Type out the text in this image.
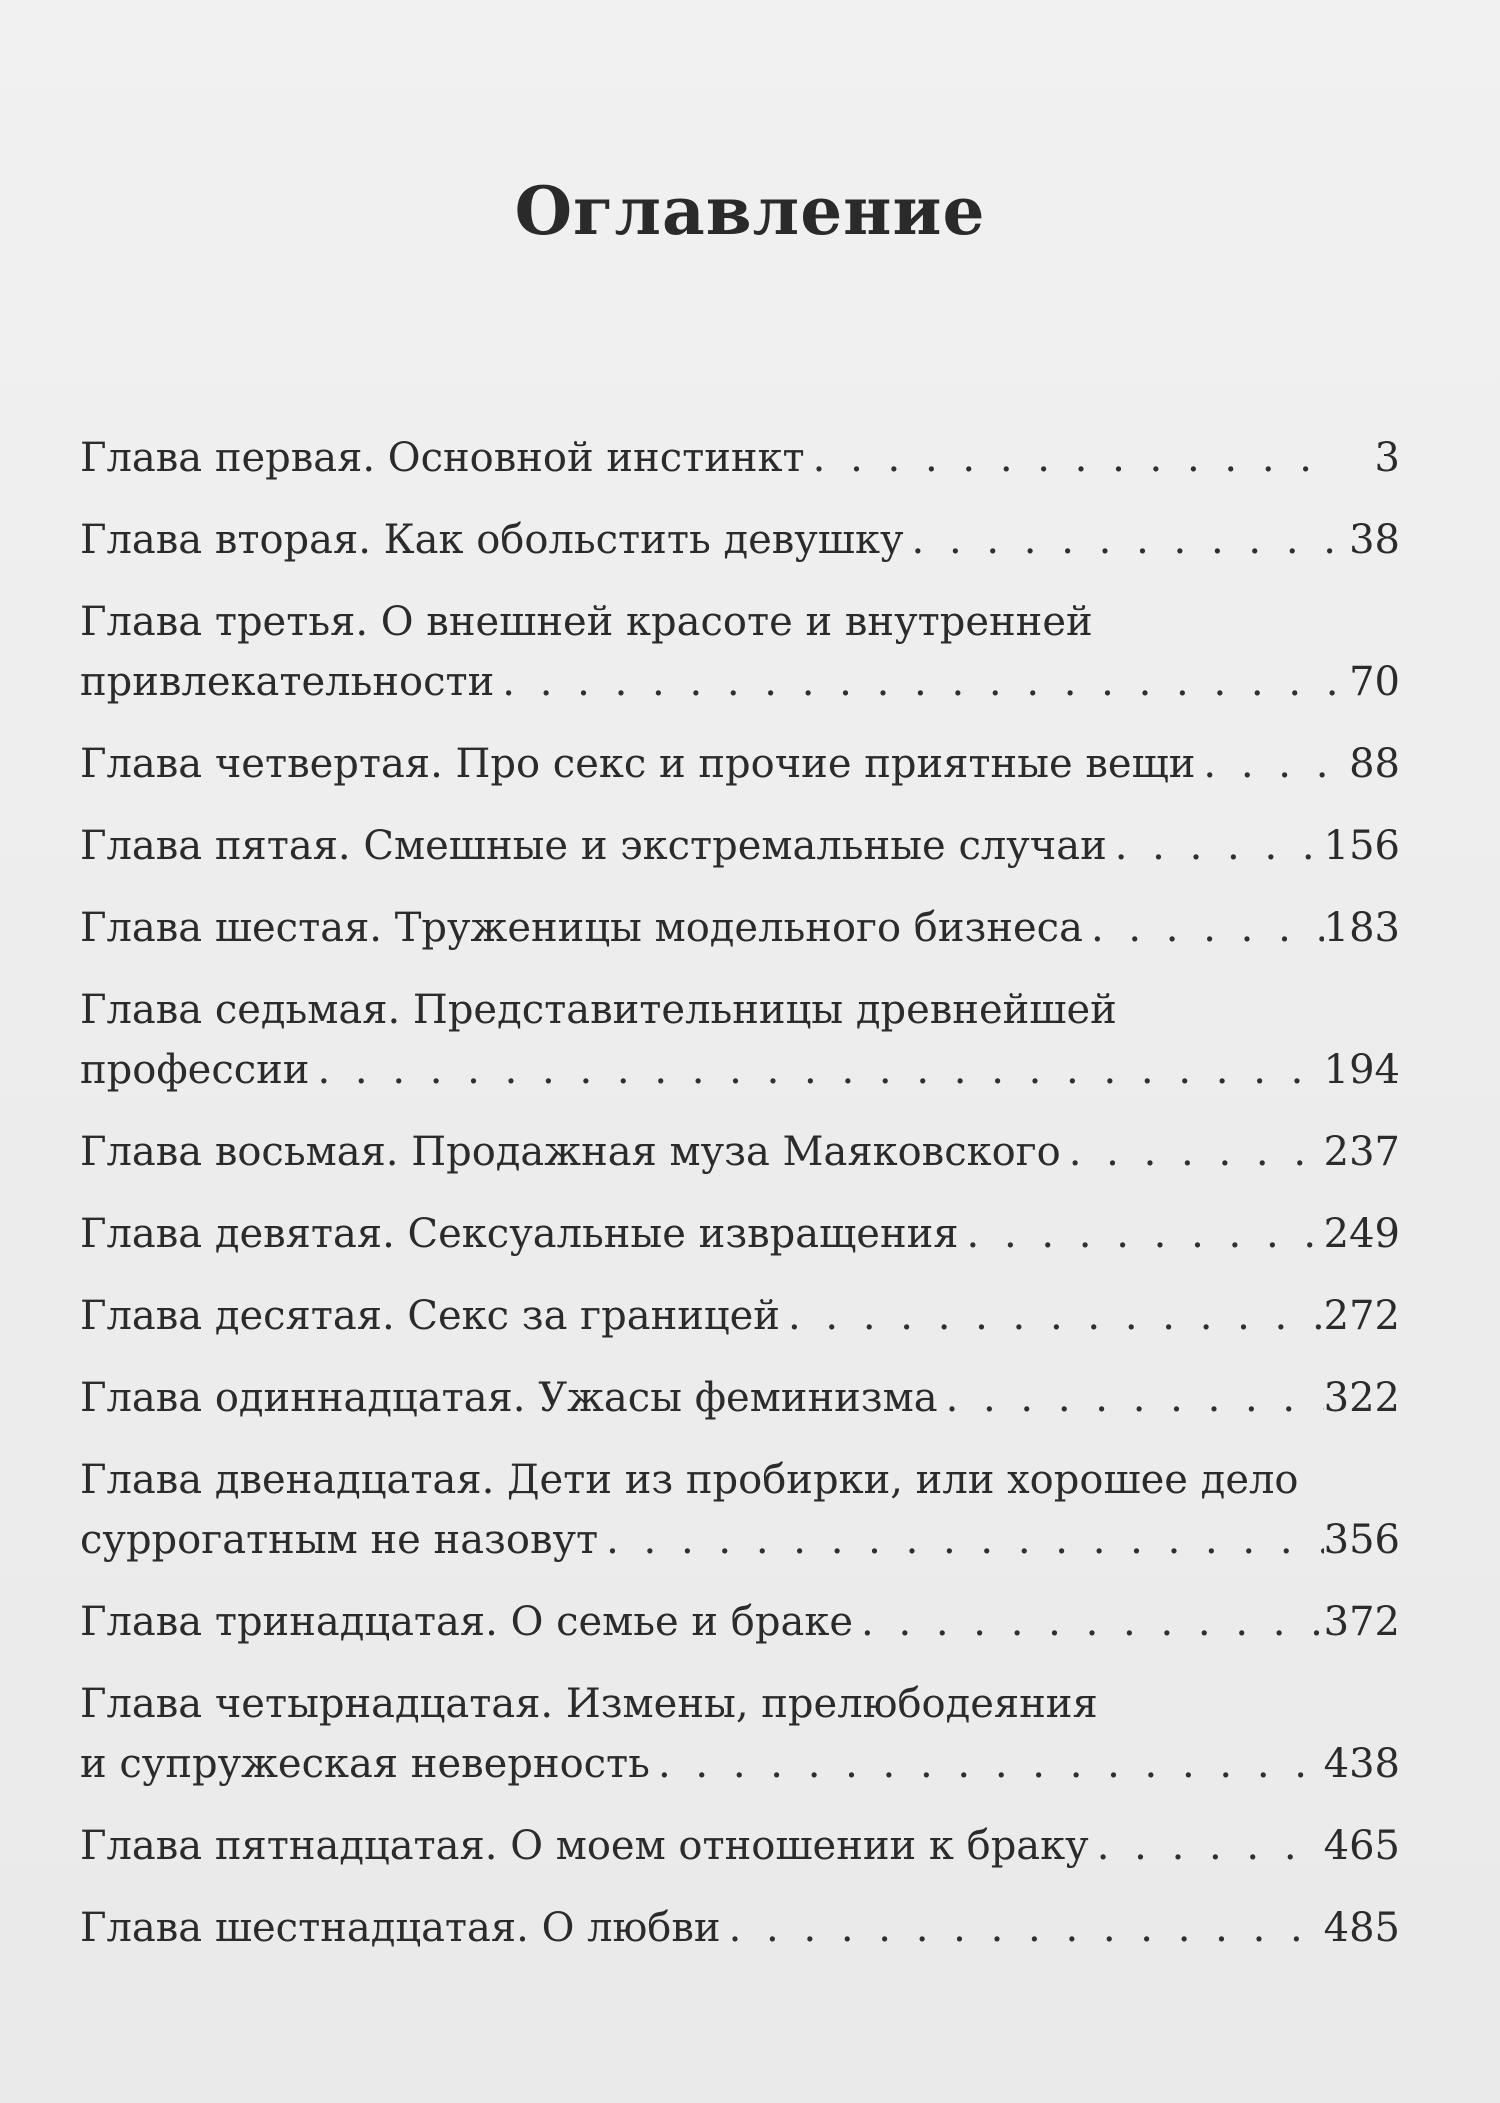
Оглавление
Глава первая. Основной инстинкт . . .	3
Глава вторая. Как обольстить девушку . . .	38
Глава третья. О внешней красоте и внутренней
привлекательности . . .	70
Глава четвертая. Про секс и прочие приятные вещи . . .	88
Глава пятая. Смешные и экстремальные случаи . . .	156
Глава шестая. Труженицы модельного бизнеса . . .	183
Глава седьмая. Представительницы древнейшей
профессии . . .	194
Глава восьмая. Продажная муза Маяковского . . .	237
Глава девятая. Сексуальные извращения . . .	249
Глава десятая. Секс за границей . . .	272
Глава одиннадцатая. Ужасы феминизма . . .	322
Глава двенадцатая. Дети из пробирки, или хорошее дело
суррогатным не назовут . . .	356
Глава тринадцатая. О семье и браке . . .	372
Глава четырнадцатая. Измены, прелюбодеяния
и супружеская неверность . . .	438
Глава пятнадцатая. О моем отношении к браку . . .	465
Глава шестнадцатая. О любви . . .	485
